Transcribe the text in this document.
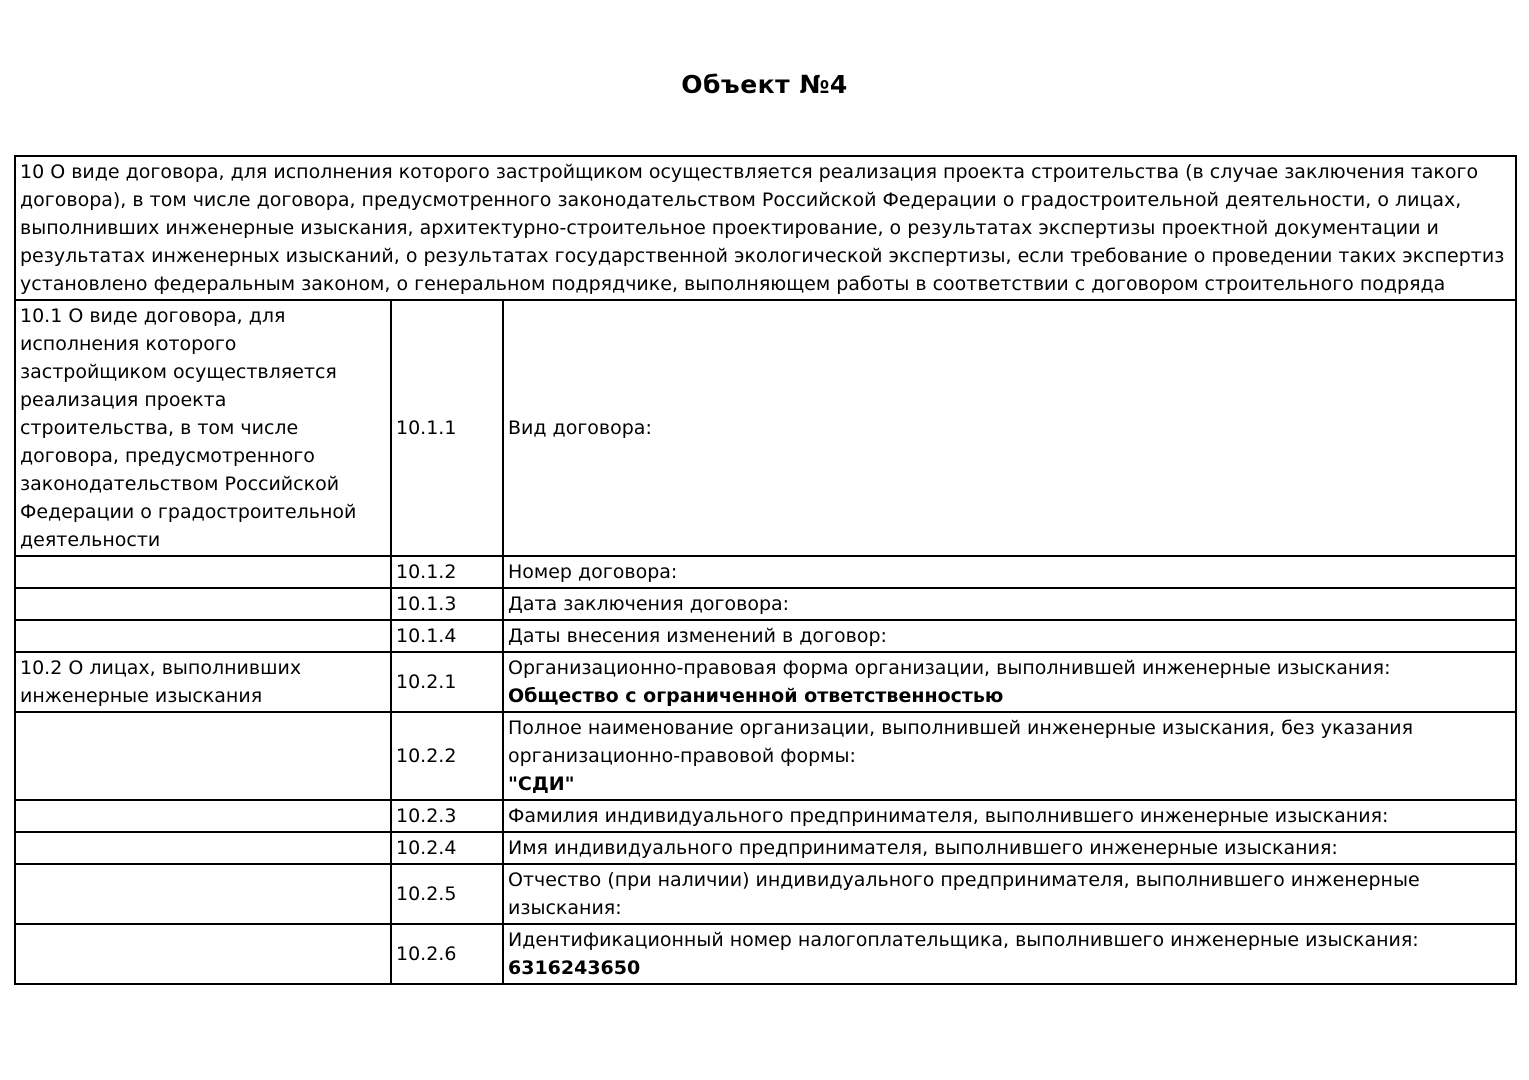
Объект №4
10 О виде договора, для исполнения которого застройщиком осуществляется реализация проекта строительства (в случае заключения такого договора), в том числе договора, предусмотренного законодательством Российской Федерации о градостроительной деятельности, о лицах, выполнивших инженерные изыскания, архитектурно-строительное проектирование, о результатах экспертизы проектной документации и результатах инженерных изысканий, о результатах государственной экологической экспертизы, если требование о проведении таких экспертиз установлено федеральным законом, о генеральном подрядчике, выполняющем работы в соответствии с договором строительного подряда		
10.1 О виде договора, для исполнения которого застройщиком осуществляется реализация проекта строительства, в том числе договора, предусмотренного законодательством Российской Федерации о градостроительной деятельности	10.1.1	Вид договора:

	10.1.2	Номер договора:

	10.1.3	Дата заключения договора:

	10.1.4	Даты внесения изменений в договор:

10.2 О лицах, выполнивших инженерные изыскания	10.2.1	Организационно-правовая форма организации, выполнившей инженерные изыскания:
Общество с ограниченной ответственностью

	10.2.2	Полное наименование организации, выполнившей инженерные изыскания, без указания организационно-правовой формы:
"СДИ"

	10.2.3	Фамилия индивидуального предпринимателя, выполнившего инженерные изыскания:

	10.2.4	Имя индивидуального предпринимателя, выполнившего инженерные изыскания:

	10.2.5	Отчество (при наличии) индивидуального предпринимателя, выполнившего инженерные изыскания:

	10.2.6	Идентификационный номер налогоплательщика, выполнившего инженерные изыскания:
6316243650
